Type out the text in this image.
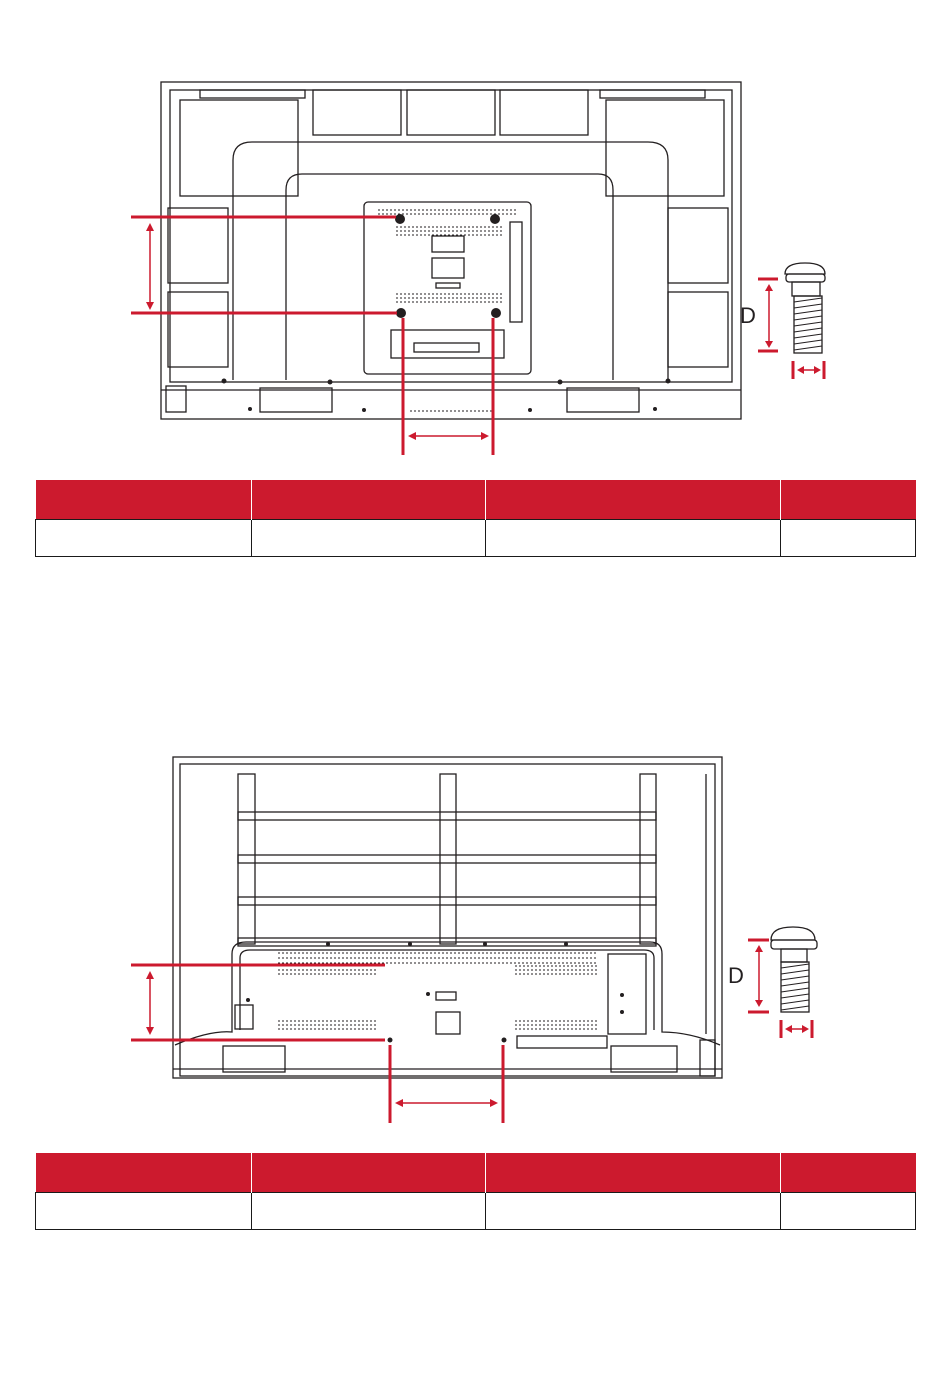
D

D
